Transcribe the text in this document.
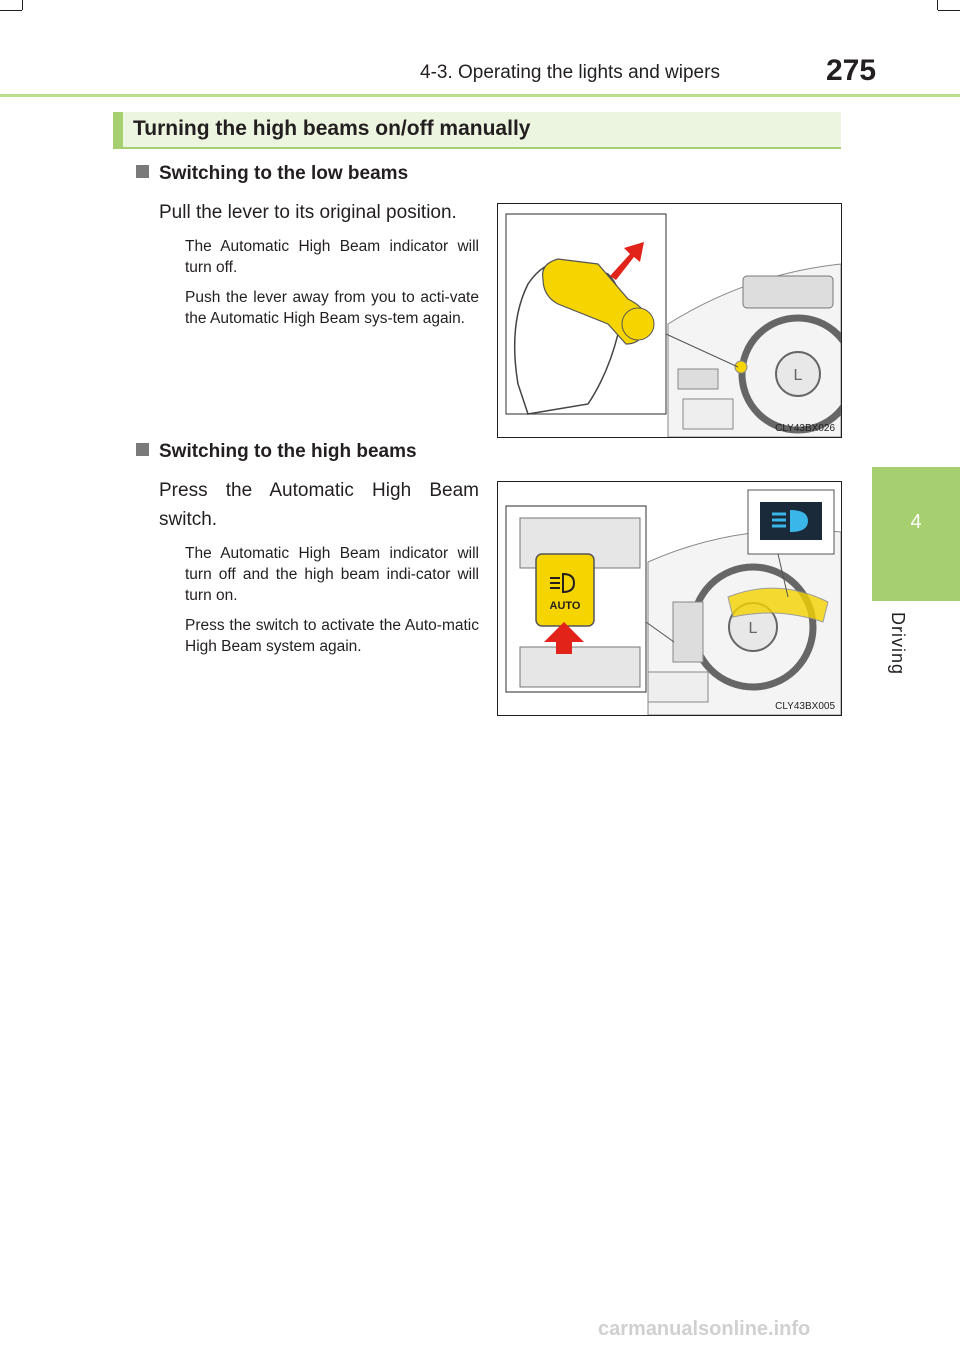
4-3. Operating the lights and wipers	275
4
Driving
Turning the high beams on/off manually
Switching to the low beams
Pull the lever to its original position.
The Automatic High Beam indicator will turn off.
Push the lever away from you to acti-vate the Automatic High Beam sys-tem again.
L
CLY43BX026
Switching to the high beams
Press the Automatic High Beam switch.
The Automatic High Beam indicator will turn off and the high beam indi-cator will turn on.
Press the switch to activate the Auto-matic High Beam system again.
L
AUTO
CLY43BX005
carmanualsonline.info
